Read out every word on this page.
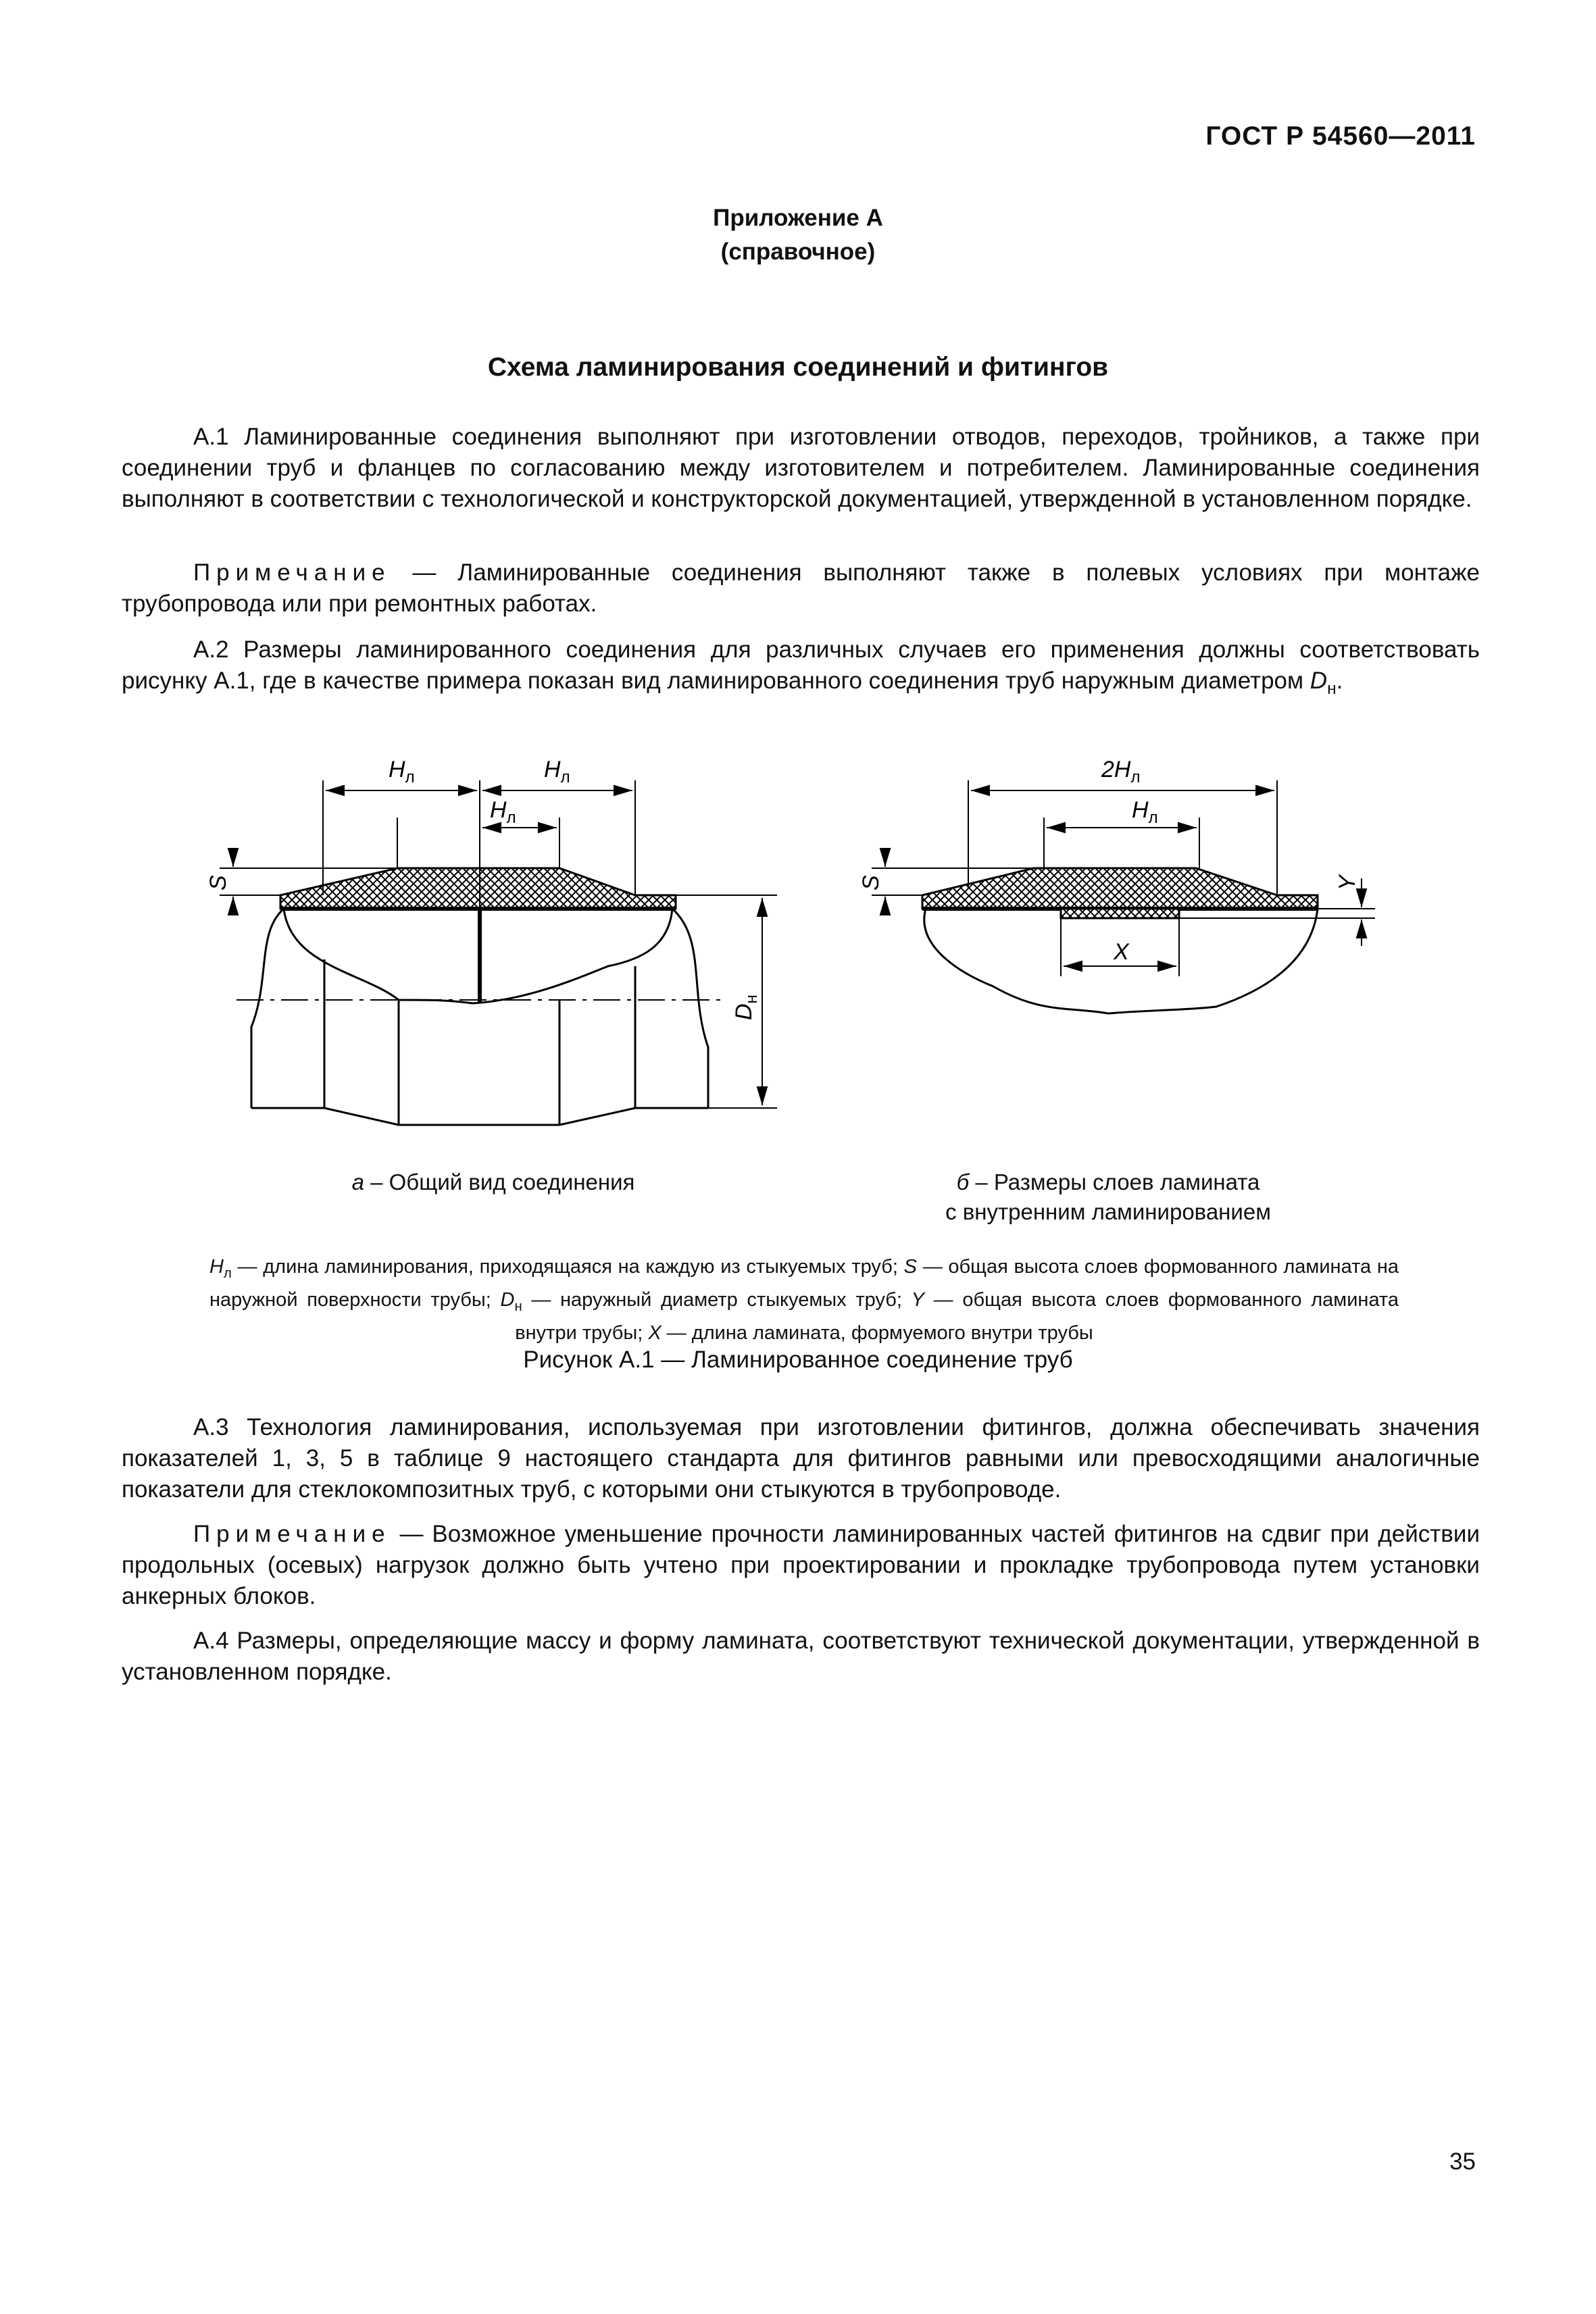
ГОСТ Р 54560—2011
Приложение А
(справочное)
Схема ламинирования соединений и фитингов

А.1 Ламинированные соединения выполняют при изготовлении отводов, переходов, тройников, а также при соединении труб и фланцев по согласованию между изготовителем и потребителем. Ламинированные соединения выполняют в соответствии с технологической и конструкторской документацией, утвержденной в установленном порядке.

Примечание — Ламинированные соединения выполняют также в полевых условиях при монтаже трубопровода или при ремонтных работах.

А.2 Размеры ламинированного соединения для различных случаев его применения должны соответствовать рисунку А.1, где в качестве примера показан вид ламинированного соединения труб наружным диаметром $D_н$.

$H_л$	$H_л$
$H_л$
S
$D_н$
$2H_л$
$H_л$
S	Y
X
а – Общий вид соединения	б – Размеры слоев ламината
с внутренним ламинированием
$H_л$ — длина ламинирования, приходящаяся на каждую из стыкуемых труб; S — общая высота слоев формованного ламината на наружной поверхности трубы; $D_н$ — наружный диаметр стыкуемых труб; Y — общая высота слоев формованного ламината внутри трубы; X — длина ламината, формуемого внутри трубы
Рисунок А.1 — Ламинированное соединение труб

А.3 Технология ламинирования, используемая при изготовлении фитингов, должна обеспечивать значения показателей 1, 3, 5 в таблице 9 настоящего стандарта для фитингов равными или превосходящими аналогичные показатели для стеклокомпозитных труб, с которыми они стыкуются в трубопроводе.

Примечание — Возможное уменьшение прочности ламинированных частей фитингов на сдвиг при действии продольных (осевых) нагрузок должно быть учтено при проектировании и прокладке трубопровода путем установки анкерных блоков.

А.4 Размеры, определяющие массу и форму ламината, соответствуют технической документации, утвержденной в установленном порядке.

35
